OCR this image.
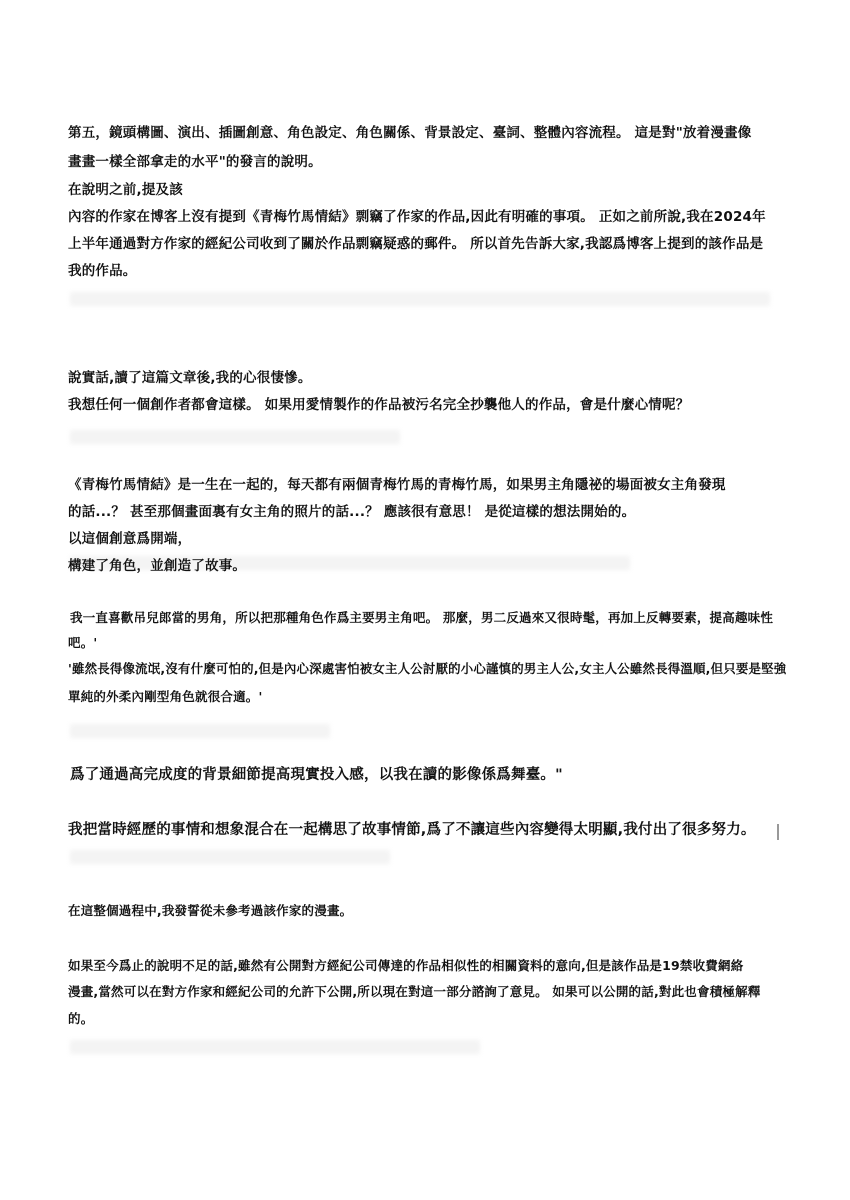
第五，鏡頭構圖、演出、插圖創意、角色設定、角色關係、背景設定、臺詞、整體內容流程。 這是對"放着漫畫像
畫畫一樣全部拿走的水平"的發言的說明。
在說明之前,提及該
內容的作家在博客上沒有提到《青梅竹馬情結》剽竊了作家的作品,因此有明確的事項。 正如之前所說,我在2024年
上半年通過對方作家的經紀公司收到了關於作品剽竊疑惑的郵件。 所以首先告訴大家,我認爲博客上提到的該作品是
我的作品。
說實話,讀了這篇文章後,我的心很悽慘。
我想任何一個創作者都會這樣。 如果用愛情製作的作品被污名完全抄襲他人的作品，會是什麼心情呢？
《青梅竹馬情結》是一生在一起的，每天都有兩個青梅竹馬的青梅竹馬，如果男主角隱祕的場面被女主角發現
的話...？ 甚至那個畫面裏有女主角的照片的話...？ 應該很有意思！ 是從這樣的想法開始的。
以這個創意爲開端，
構建了角色，並創造了故事。
我一直喜歡吊兒郎當的男角，所以把那種角色作爲主要男主角吧。 那麼，男二反過來又很時髦，再加上反轉要素，提高趣味性
吧。'
'雖然長得像流氓,沒有什麼可怕的,但是內心深處害怕被女主人公討厭的小心謹慎的男主人公,女主人公雖然長得溫順,但只要是堅強
單純的外柔內剛型角色就很合適。'
爲了通過高完成度的背景細節提高現實投入感，以我在讀的影像係爲舞臺。"
我把當時經歷的事情和想象混合在一起構思了故事情節,爲了不讓這些內容變得太明顯,我付出了很多努力。
在這整個過程中,我發誓從未參考過該作家的漫畫。
如果至今爲止的說明不足的話,雖然有公開對方經紀公司傳達的作品相似性的相關資料的意向,但是該作品是19禁收費網絡
漫畫,當然可以在對方作家和經紀公司的允許下公開,所以現在對這一部分諮詢了意見。 如果可以公開的話,對此也會積極解釋
的。
